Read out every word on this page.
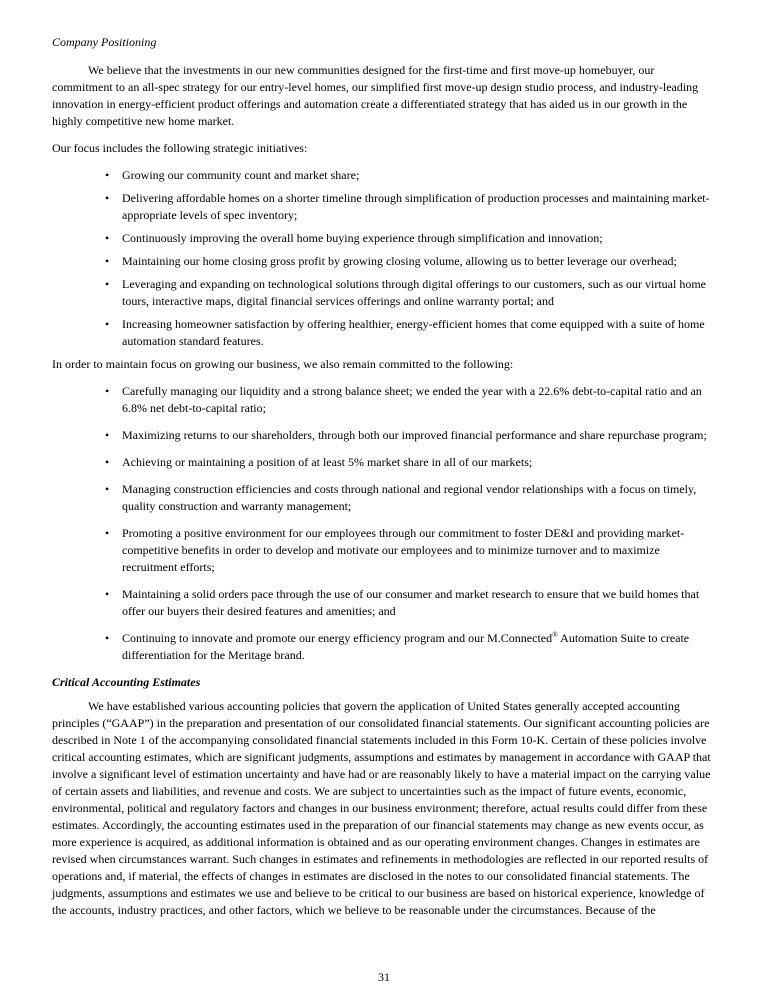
Company Positioning

We believe that the investments in our new communities designed for the first-time and first move-up homebuyer, our commitment to an all-spec strategy for our entry-level homes, our simplified first move-up design studio process, and industry-leading innovation in energy-efficient product offerings and automation create a differentiated strategy that has aided us in our growth in the highly competitive new home market.

Our focus includes the following strategic initiatives:

• Growing our community count and market share;
• Delivering affordable homes on a shorter timeline through simplification of production processes and maintaining market-appropriate levels of spec inventory;
• Continuously improving the overall home buying experience through simplification and innovation;
• Maintaining our home closing gross profit by growing closing volume, allowing us to better leverage our overhead;
• Leveraging and expanding on technological solutions through digital offerings to our customers, such as our virtual home tours, interactive maps, digital financial services offerings and online warranty portal; and
• Increasing homeowner satisfaction by offering healthier, energy-efficient homes that come equipped with a suite of home automation standard features.

In order to maintain focus on growing our business, we also remain committed to the following:

• Carefully managing our liquidity and a strong balance sheet; we ended the year with a 22.6% debt-to-capital ratio and an 6.8% net debt-to-capital ratio;
• Maximizing returns to our shareholders, through both our improved financial performance and share repurchase program;
• Achieving or maintaining a position of at least 5% market share in all of our markets;
• Managing construction efficiencies and costs through national and regional vendor relationships with a focus on timely, quality construction and warranty management;
• Promoting a positive environment for our employees through our commitment to foster DE&I and providing market-competitive benefits in order to develop and motivate our employees and to minimize turnover and to maximize recruitment efforts;
• Maintaining a solid orders pace through the use of our consumer and market research to ensure that we build homes that offer our buyers their desired features and amenities; and
• Continuing to innovate and promote our energy efficiency program and our M.Connected® Automation Suite to create differentiation for the Meritage brand.
Critical Accounting Estimates

We have established various accounting policies that govern the application of United States generally accepted accounting principles (“GAAP”) in the preparation and presentation of our consolidated financial statements. Our significant accounting policies are described in Note 1 of the accompanying consolidated financial statements included in this Form 10-K. Certain of these policies involve critical accounting estimates, which are significant judgments, assumptions and estimates by management in accordance with GAAP that involve a significant level of estimation uncertainty and have had or are reasonably likely to have a material impact on the carrying value of certain assets and liabilities, and revenue and costs. We are subject to uncertainties such as the impact of future events, economic, environmental, political and regulatory factors and changes in our business environment; therefore, actual results could differ from these estimates. Accordingly, the accounting estimates used in the preparation of our financial statements may change as new events occur, as more experience is acquired, as additional information is obtained and as our operating environment changes. Changes in estimates are revised when circumstances warrant. Such changes in estimates and refinements in methodologies are reflected in our reported results of operations and, if material, the effects of changes in estimates are disclosed in the notes to our consolidated financial statements. The judgments, assumptions and estimates we use and believe to be critical to our business are based on historical experience, knowledge of the accounts, industry practices, and other factors, which we believe to be reasonable under the circumstances. Because of the

31
